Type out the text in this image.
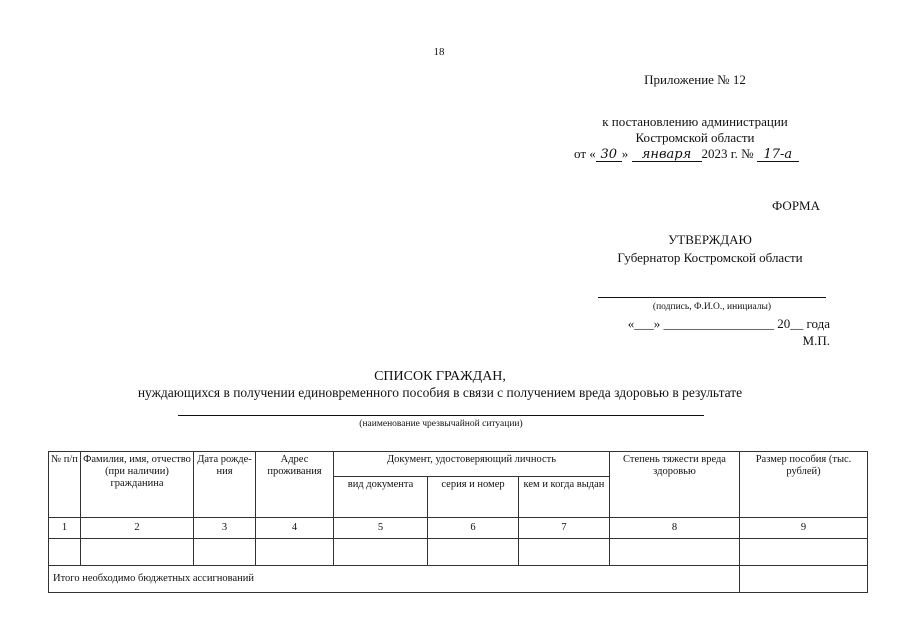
18
Приложение № 12
к постановлению администрации
Костромской области
от « 30 » января 2023 г. № 17-а
ФОРМА
УТВЕРЖДАЮ
Губернатор Костромской области
(подпись, Ф.И.О., инициалы)
«___» _________________ 20__ года
М.П.
СПИСОК ГРАЖДАН,
нуждающихся в получении единовременного пособия в связи с получением вреда здоровью в результате
(наименование чрезвычайной ситуации)
№ п/п	Фамилия, имя, отчество (при наличии) гражданина	Дата рожде- ния	Адрес проживания	Документ, удостоверяющий личность			Степень тяжести вреда здоровью	Размер пособия (тыс. рублей)
				вид документа	серия и номер	кем и когда выдан		
1	2	3	4	5	6	7	8	9

Итого необходимо бюджетных ассигнований								
